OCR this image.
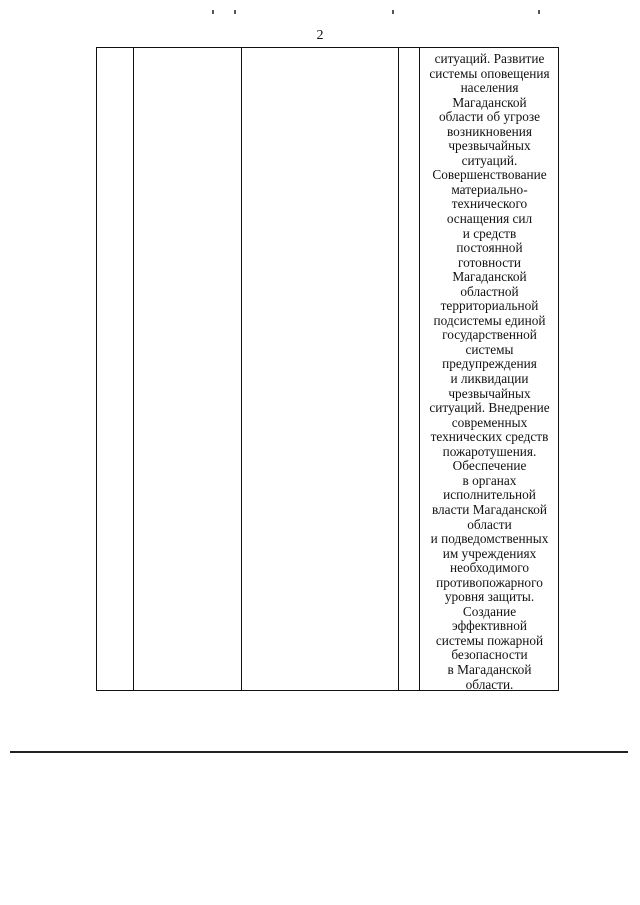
2

ситуаций. Развитие
системы оповещения
населения
Магаданской
области об угрозе
возникновения
чрезвычайных
ситуаций.
Совершенствование
материально-
технического
оснащения сил
и средств
постоянной
готовности
Магаданской
областной
территориальной
подсистемы единой
государственной
системы
предупреждения
и ликвидации
чрезвычайных
ситуаций. Внедрение
современных
технических средств
пожаротушения.
Обеспечение
в органах
исполнительной
власти Магаданской
области
и подведомственных
им учреждениях
необходимого
противопожарного
уровня защиты.
Создание
эффективной
системы пожарной
безопасности
в Магаданской
области.
